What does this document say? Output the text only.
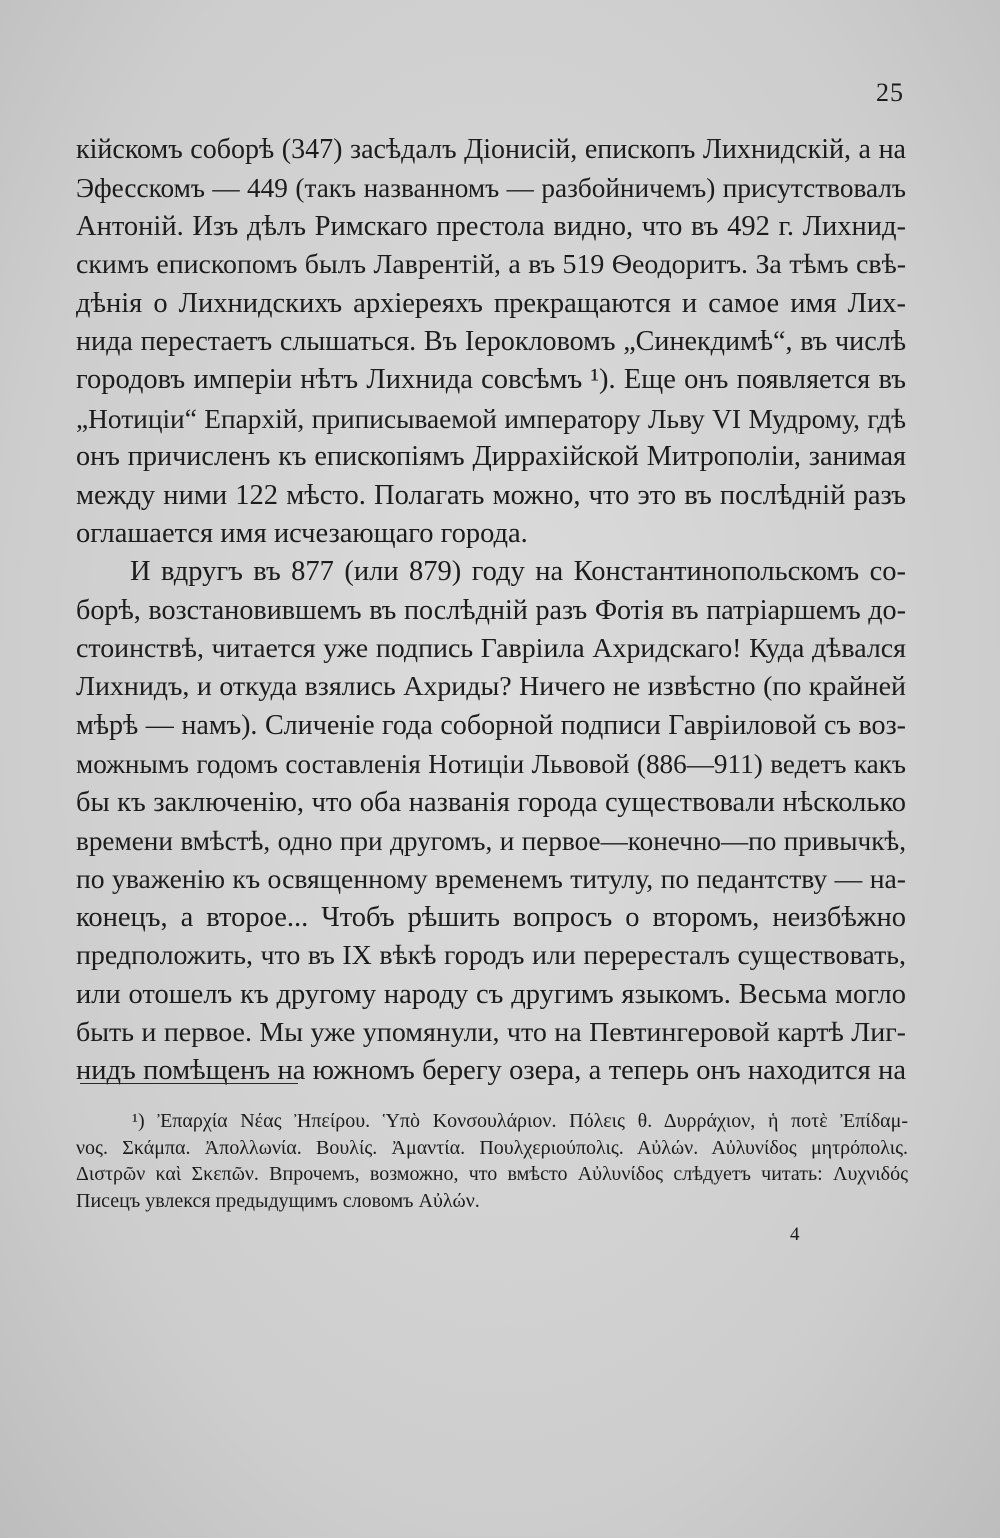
25
кійскомъ соборѣ (347) засѣдалъ Діонисій, епископъ Лихнидскій, а на
Эфесскомъ — 449 (такъ названномъ — разбойничемъ) присутствовалъ
Антоній. Изъ дѣлъ Римскаго престола видно, что въ 492 г. Лихнид-
скимъ епископомъ былъ Лаврентій, а въ 519 Ѳеодоритъ. За тѣмъ свѣ-
дѣнія о Лихнидскихъ архіереяхъ прекращаются и самое имя Лих-
нида перестаетъ слышаться. Въ Іерокловомъ „Синекдимѣ“, въ числѣ
городовъ имперіи нѣтъ Лихнида совсѣмъ ¹). Еще онъ появляется въ
„Нотиціи“ Епархій, приписываемой императору Льву VI Мудрому, гдѣ
онъ причисленъ къ епископіямъ Диррахійской Митрополіи, занимая
между ними 122 мѣсто. Полагать можно, что это въ послѣдній разъ
оглашается имя исчезающаго города.
И вдругъ въ 877 (или 879) году на Константинопольскомъ со-
борѣ, возстановившемъ въ послѣдній разъ Фотія въ патріаршемъ до-
стоинствѣ, читается уже подпись Гавріила Ахридскаго! Куда дѣвался
Лихнидъ, и откуда взялись Ахриды? Ничего не извѣстно (по крайней
мѣрѣ — намъ). Сличеніе года соборной подписи Гавріиловой съ воз-
можнымъ годомъ составленія Нотиціи Львовой (886—911) ведетъ какъ
бы къ заключенію, что оба названія города существовали нѣсколько
времени вмѣстѣ, одно при другомъ, и первое—конечно—по привычкѣ,
по уваженію къ освященному временемъ титулу, по педантству — на-
конецъ, а второе... Чтобъ рѣшить вопросъ о второмъ, неизбѣжно
предположить, что въ IX вѣкѣ городъ или перересталъ существовать,
или отошелъ къ другому народу съ другимъ языкомъ. Весьма могло
быть и первое. Мы уже упомянули, что на Певтингеровой картѣ Лиг-
нидъ помѣщенъ на южномъ берегу озера, а теперь онъ находится на
¹) Ἐπαρχία Νέας Ἠπείρου. Ὑπὸ Κονσουλάριον. Πόλεις θ. Δυρράχιον, ἡ ποτὲ Ἐπίδαμ-
νος. Σκάμπα. Ἀπολλωνία. Βουλίς. Ἀμαντία. Πουλχεριούπολις. Αὐλών. Αὐλυνίδος μητρόπολις.
Διστρῶν καὶ Σκεπῶν. Впрочемъ, возможно, что вмѣсто Αὐλυνίδος слѣдуетъ читать: Λυχνιδός
Писецъ увлекся предыдущимъ словомъ Αὐλών.
4
